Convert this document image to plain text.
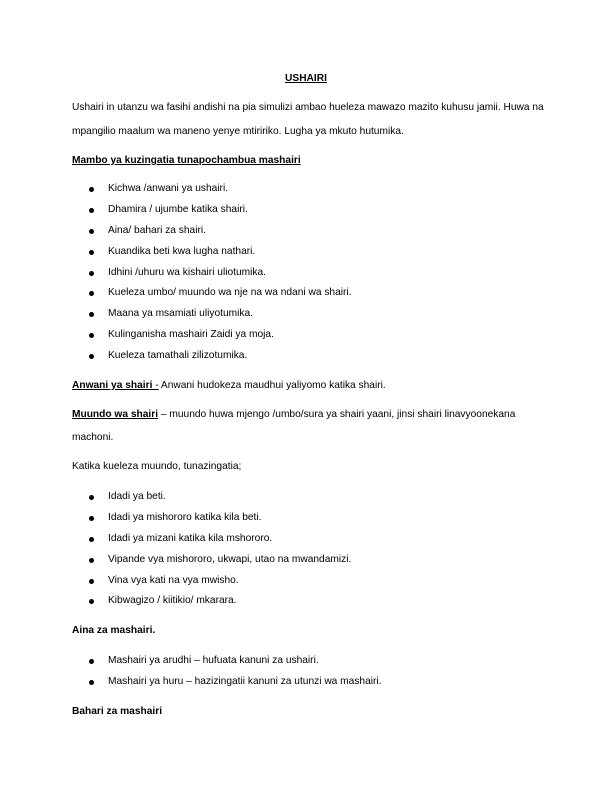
USHAIRI
Ushairi in utanzu wa fasihi andishi na pia simulizi ambao hueleza mawazo mazito kuhusu jamii. Huwa na
mpangilio maalum wa maneno yenye mtiririko. Lugha ya mkuto hutumika.
Mambo ya kuzingatia tunapochambua mashairi
Kichwa /anwani ya ushairi.
Dhamira / ujumbe katika shairi.
Aina/ bahari za shairi.
Kuandika beti kwa lugha nathari.
Idhini /uhuru wa kishairi uliotumika.
Kueleza umbo/ muundo wa nje na wa ndani wa shairi.
Maana ya msamiati uliyotumika.
Kulinganisha mashairi Zaidi ya moja.
Kueleza tamathali zilizotumika.
Anwani ya shairi - Anwani hudokeza maudhui yaliyomo katika shairi.
Muundo wa shairi – muundo huwa mjengo /umbo/sura ya shairi yaani, jinsi shairi linavyoonekana
machoni.
Katika kueleza muundo, tunazingatia;
Idadi ya beti.
Idadi ya mishororo katika kila beti.
Idadi ya mizani katika kila mshororo.
Vipande vya mishororo, ukwapi, utao na mwandamizi.
Vina vya kati na vya mwisho.
Kibwagizo / kiitikio/ mkarara.
Aina za mashairi.
Mashairi ya arudhi – hufuata kanuni za ushairi.
Mashairi ya huru – hazizingatii kanuni za utunzi wa mashairi.
Bahari za mashairi
